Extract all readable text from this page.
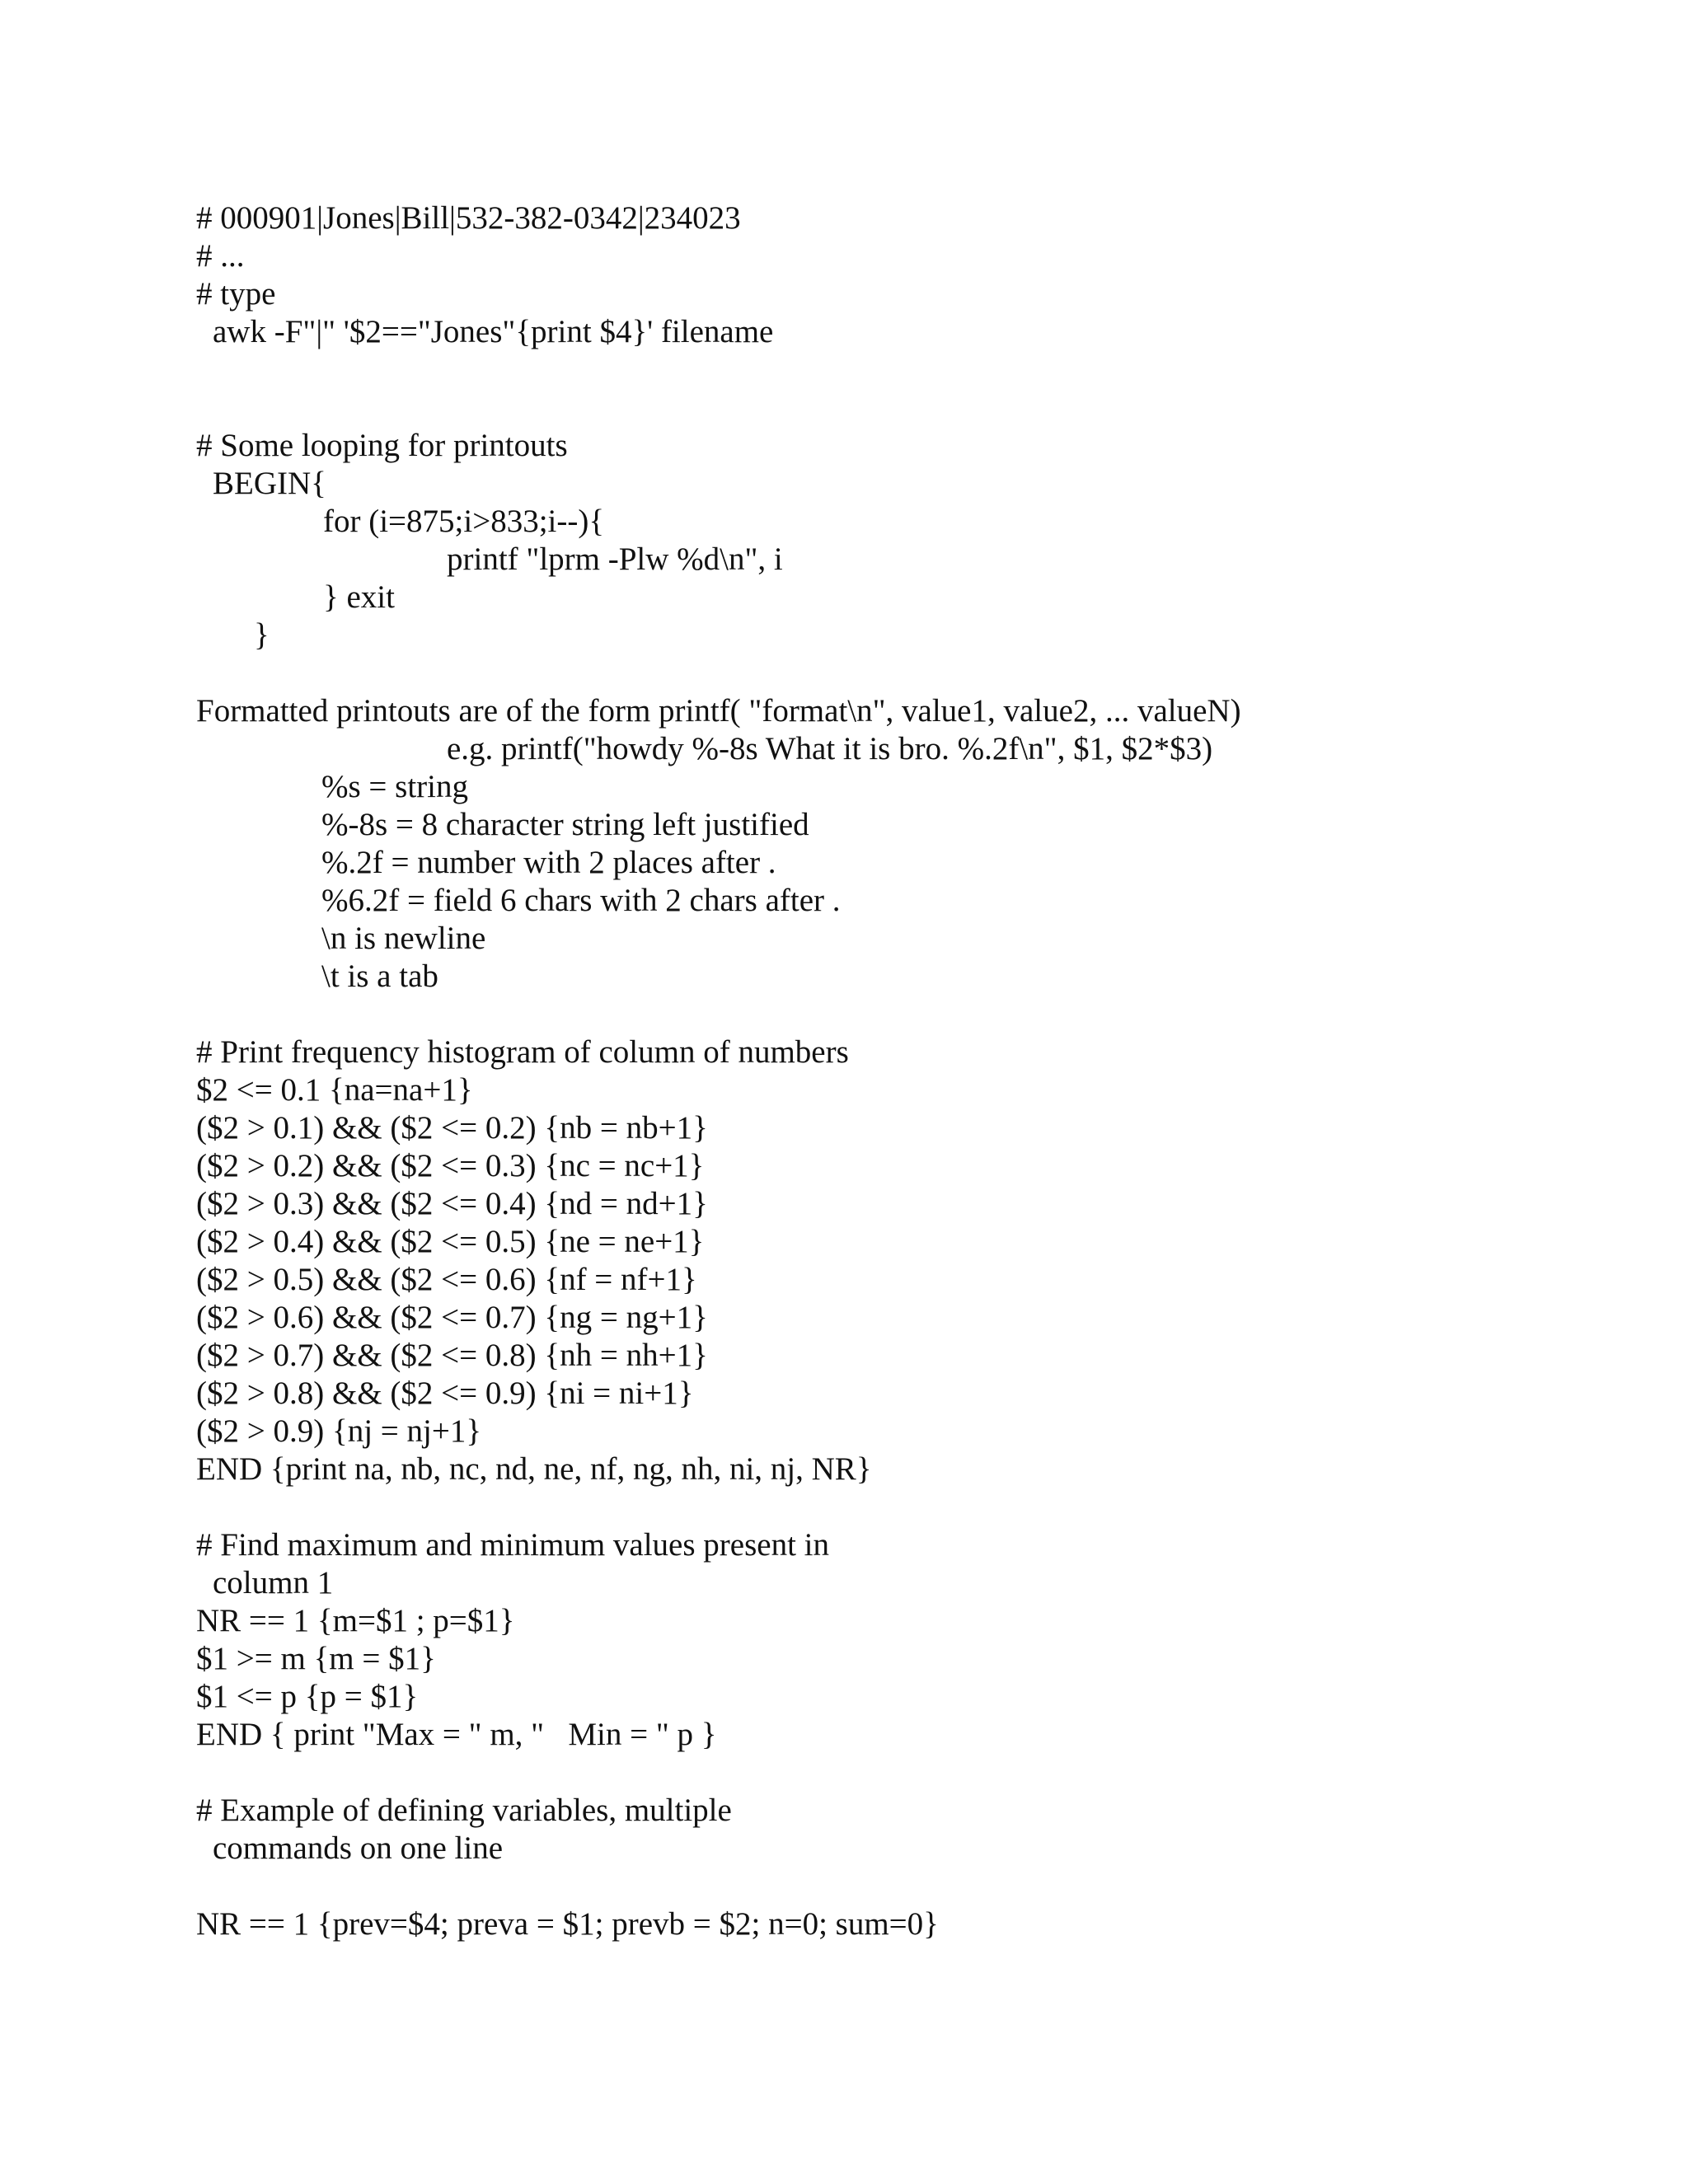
# 000901|Jones|Bill|532-382-0342|234023

# ...

# type

awk -F"|" '$2=="Jones"{print $4}' filename

# Some looping for printouts

BEGIN{

for (i=875;i>833;i--){

printf "lprm -Plw %d\n", i

} exit

}

Formatted printouts are of the form printf( "format\n", value1, value2, ... valueN)

e.g. printf("howdy %-8s What it is bro. %.2f\n", $1, $2*$3)

%s = string

%-8s = 8 character string left justified

%.2f = number with 2 places after .

%6.2f = field 6 chars with 2 chars after .

\n is newline

\t is a tab

# Print frequency histogram of column of numbers

$2 <= 0.1 {na=na+1}

($2 > 0.1) && ($2 <= 0.2) {nb = nb+1}

($2 > 0.2) && ($2 <= 0.3) {nc = nc+1}

($2 > 0.3) && ($2 <= 0.4) {nd = nd+1}

($2 > 0.4) && ($2 <= 0.5) {ne = ne+1}

($2 > 0.5) && ($2 <= 0.6) {nf = nf+1}

($2 > 0.6) && ($2 <= 0.7) {ng = ng+1}

($2 > 0.7) && ($2 <= 0.8) {nh = nh+1}

($2 > 0.8) && ($2 <= 0.9) {ni = ni+1}

($2 > 0.9) {nj = nj+1}

END {print na, nb, nc, nd, ne, nf, ng, nh, ni, nj, NR}

# Find maximum and minimum values present in

column 1

NR == 1 {m=$1 ; p=$1}

$1 >= m {m = $1}

$1 <= p {p = $1}

END { print "Max = " m, "   Min = " p }

# Example of defining variables, multiple

commands on one line

NR == 1 {prev=$4; preva = $1; prevb = $2; n=0; sum=0}
